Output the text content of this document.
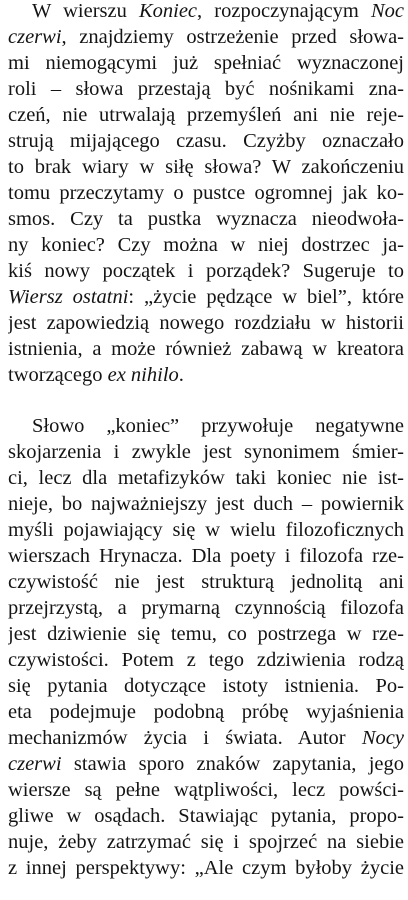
W wierszu Koniec, rozpoczynającym Noc
czerwi, znajdziemy ostrzeżenie przed słowa-
mi niemogącymi już spełniać wyznaczonej
roli – słowa przestają być nośnikami zna-
czeń, nie utrwalają przemyśleń ani nie reje-
strują mijającego czasu. Czyżby oznaczało
to brak wiary w siłę słowa? W zakończeniu
tomu przeczytamy o pustce ogromnej jak ko-
smos. Czy ta pustka wyznacza nieodwoła-
ny koniec? Czy można w niej dostrzec ja-
kiś nowy początek i porządek? Sugeruje to
Wiersz ostatni: „życie pędzące w biel”, które
jest zapowiedzią nowego rozdziału w historii
istnienia, a może również zabawą w kreatora
tworzącego ex nihilo.
Słowo „koniec” przywołuje negatywne
skojarzenia i zwykle jest synonimem śmier-
ci, lecz dla metafizyków taki koniec nie ist-
nieje, bo najważniejszy jest duch – powiernik
myśli pojawiający się w wielu filozoficznych
wierszach Hrynacza. Dla poety i filozofa rze-
czywistość nie jest strukturą jednolitą ani
przejrzystą, a prymarną czynnością filozofa
jest dziwienie się temu, co postrzega w rze-
czywistości. Potem z tego zdziwienia rodzą
się pytania dotyczące istoty istnienia. Po-
eta podejmuje podobną próbę wyjaśnienia
mechanizmów życia i świata. Autor Nocy
czerwi stawia sporo znaków zapytania, jego
wiersze są pełne wątpliwości, lecz powści-
gliwe w osądach. Stawiając pytania, propo-
nuje, żeby zatrzymać się i spojrzeć na siebie
z innej perspektywy: „Ale czym byłoby życie
